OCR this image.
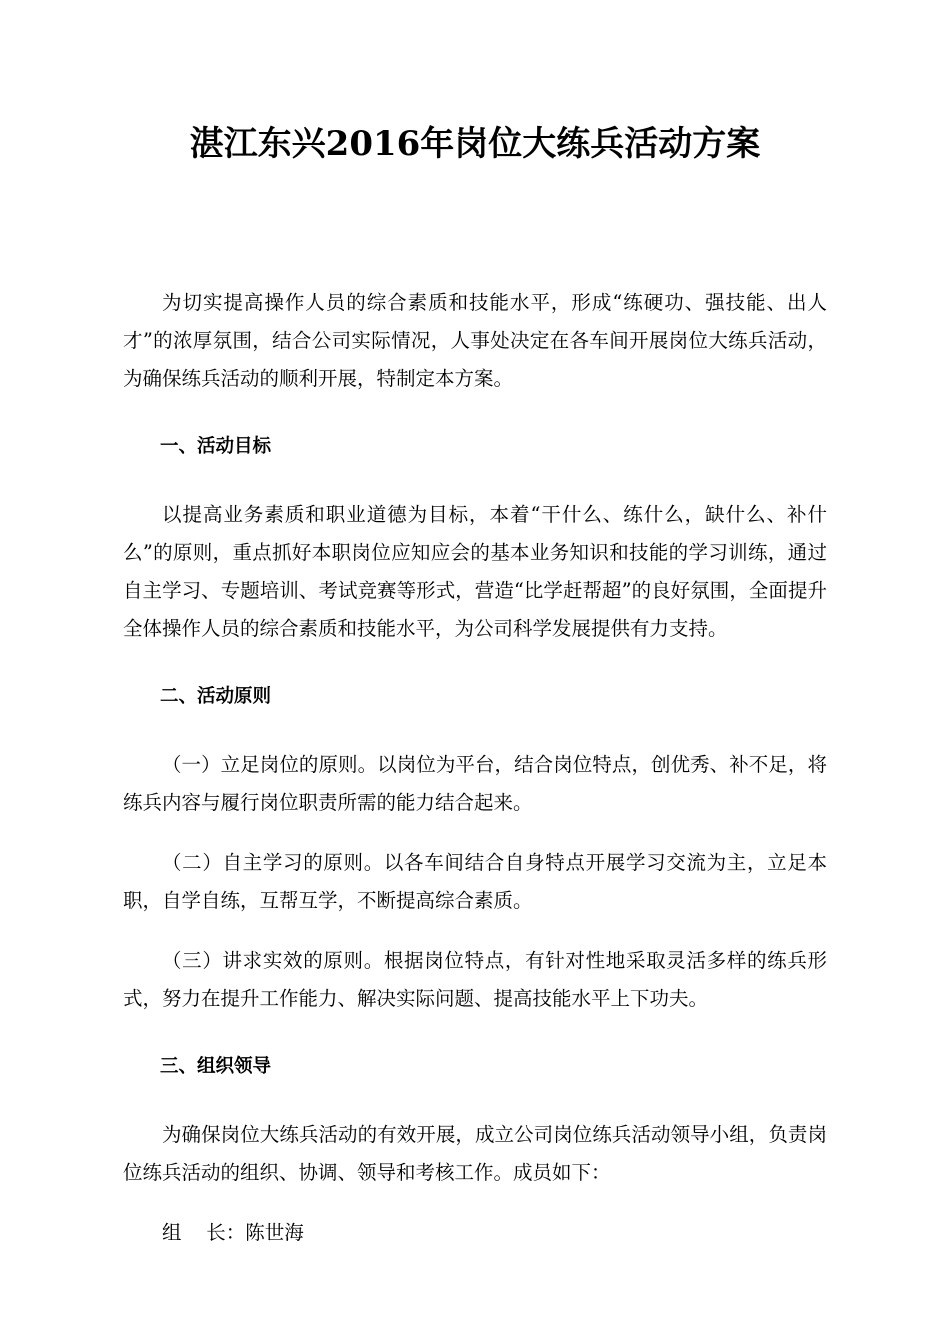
湛江东兴2016年岗位大练兵活动方案

为切实提高操作人员的综合素质和技能水平，形成“练硬功、强技能、出人才”的浓厚氛围，结合公司实际情况，人事处决定在各车间开展岗位大练兵活动，为确保练兵活动的顺利开展，特制定本方案。

一、活动目标

以提高业务素质和职业道德为目标，本着“干什么、练什么，缺什么、补什么”的原则，重点抓好本职岗位应知应会的基本业务知识和技能的学习训练，通过自主学习、专题培训、考试竞赛等形式，营造“比学赶帮超”的良好氛围，全面提升全体操作人员的综合素质和技能水平，为公司科学发展提供有力支持。

二、活动原则

（一）立足岗位的原则。以岗位为平台，结合岗位特点，创优秀、补不足，将练兵内容与履行岗位职责所需的能力结合起来。

（二）自主学习的原则。以各车间结合自身特点开展学习交流为主，立足本职，自学自练，互帮互学，不断提高综合素质。

（三）讲求实效的原则。根据岗位特点，有针对性地采取灵活多样的练兵形式，努力在提升工作能力、解决实际问题、提高技能水平上下功夫。

三、组织领导

为确保岗位大练兵活动的有效开展，成立公司岗位练兵活动领导小组，负责岗位练兵活动的组织、协调、领导和考核工作。成员如下：

组    长：陈世海
